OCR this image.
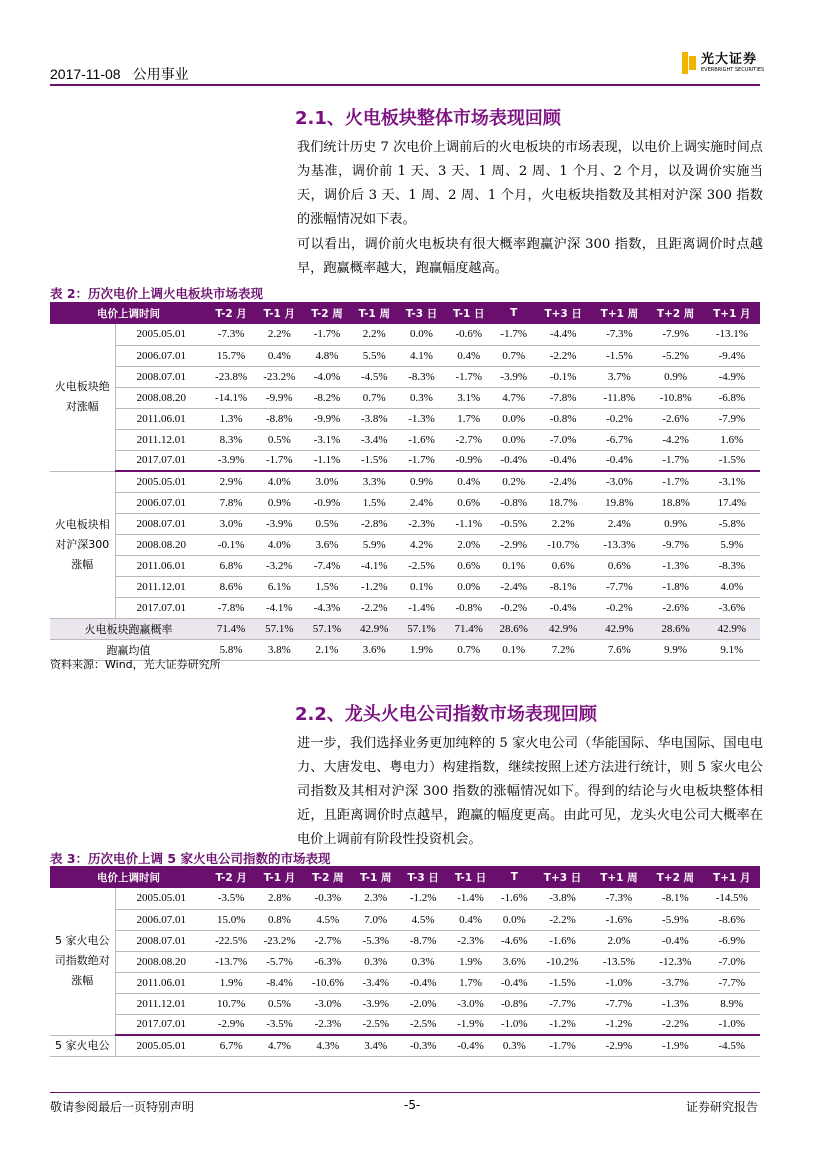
2017-11-08 公用事业
光大证券
EVERBRIGHT SECURITIES
2.1、火电板块整体市场表现回顾
我们统计历史 7 次电价上调前后的火电板块的市场表现，以电价上调实施时间点为基准，调价前 1 天、3 天、1 周、2 周、1 个月、2 个月，以及调价实施当天，调价后 3 天、1 周、2 周、1 个月，火电板块指数及其相对沪深 300 指数的涨幅情况如下表。
可以看出，调价前火电板块有很大概率跑赢沪深 300 指数，且距离调价时点越早，跑赢概率越大，跑赢幅度越高。
表 2：历次电价上调火电板块市场表现
电价上调时间		T-2 月	T-1 月	T-2 周	T-1 周	T-3 日	T-1 日	T	T+3 日	T+1 周	T+2 周	T+1 月
火电板块绝对涨幅	2005.05.01	-7.3%	2.2%	-1.7%	2.2%	0.0%	-0.6%	-1.7%	-4.4%	-7.3%	-7.9%	-13.1%
	2006.07.01	15.7%	0.4%	4.8%	5.5%	4.1%	0.4%	0.7%	-2.2%	-1.5%	-5.2%	-9.4%
	2008.07.01	-23.8%	-23.2%	-4.0%	-4.5%	-8.3%	-1.7%	-3.9%	-0.1%	3.7%	0.9%	-4.9%
	2008.08.20	-14.1%	-9.9%	-8.2%	0.7%	0.3%	3.1%	4.7%	-7.8%	-11.8%	-10.8%	-6.8%
	2011.06.01	1.3%	-8.8%	-9.9%	-3.8%	-1.3%	1.7%	0.0%	-0.8%	-0.2%	-2.6%	-7.9%
	2011.12.01	8.3%	0.5%	-3.1%	-3.4%	-1.6%	-2.7%	0.0%	-7.0%	-6.7%	-4.2%	1.6%
	2017.07.01	-3.9%	-1.7%	-1.1%	-1.5%	-1.7%	-0.9%	-0.4%	-0.4%	-0.4%	-1.7%	-1.5%
火电板块相对沪深300涨幅	2005.05.01	2.9%	4.0%	3.0%	3.3%	0.9%	0.4%	0.2%	-2.4%	-3.0%	-1.7%	-3.1%
	2006.07.01	7.8%	0.9%	-0.9%	1.5%	2.4%	0.6%	-0.8%	18.7%	19.8%	18.8%	17.4%
	2008.07.01	3.0%	-3.9%	0.5%	-2.8%	-2.3%	-1.1%	-0.5%	2.2%	2.4%	0.9%	-5.8%
	2008.08.20	-0.1%	4.0%	3.6%	5.9%	4.2%	2.0%	-2.9%	-10.7%	-13.3%	-9.7%	5.9%
	2011.06.01	6.8%	-3.2%	-7.4%	-4.1%	-2.5%	0.6%	0.1%	0.6%	0.6%	-1.3%	-8.3%
	2011.12.01	8.6%	6.1%	1.5%	-1.2%	0.1%	0.0%	-2.4%	-8.1%	-7.7%	-1.8%	4.0%
	2017.07.01	-7.8%	-4.1%	-4.3%	-2.2%	-1.4%	-0.8%	-0.2%	-0.4%	-0.2%	-2.6%	-3.6%
火电板块跑赢概率		71.4%	57.1%	57.1%	42.9%	57.1%	71.4%	28.6%	42.9%	42.9%	28.6%	42.9%
跑赢均值		5.8%	3.8%	2.1%	3.6%	1.9%	0.7%	0.1%	7.2%	7.6%	9.9%	9.1%
资料来源：Wind，光大证券研究所
2.2、龙头火电公司指数市场表现回顾
进一步，我们选择业务更加纯粹的 5 家火电公司（华能国际、华电国际、国电电力、大唐发电、粤电力）构建指数，继续按照上述方法进行统计，则 5 家火电公司指数及其相对沪深 300 指数的涨幅情况如下。得到的结论与火电板块整体相近，且距离调价时点越早，跑赢的幅度更高。由此可见，龙头火电公司大概率在电价上调前有阶段性投资机会。
表 3：历次电价上调 5 家火电公司指数的市场表现
电价上调时间		T-2 月	T-1 月	T-2 周	T-1 周	T-3 日	T-1 日	T	T+3 日	T+1 周	T+2 周	T+1 月
5 家火电公司指数绝对涨幅	2005.05.01	-3.5%	2.8%	-0.3%	2.3%	-1.2%	-1.4%	-1.6%	-3.8%	-7.3%	-8.1%	-14.5%
	2006.07.01	15.0%	0.8%	4.5%	7.0%	4.5%	0.4%	0.0%	-2.2%	-1.6%	-5.9%	-8.6%
	2008.07.01	-22.5%	-23.2%	-2.7%	-5.3%	-8.7%	-2.3%	-4.6%	-1.6%	2.0%	-0.4%	-6.9%
	2008.08.20	-13.7%	-5.7%	-6.3%	0.3%	0.3%	1.9%	3.6%	-10.2%	-13.5%	-12.3%	-7.0%
	2011.06.01	1.9%	-8.4%	-10.6%	-3.4%	-0.4%	1.7%	-0.4%	-1.5%	-1.0%	-3.7%	-7.7%
	2011.12.01	10.7%	0.5%	-3.0%	-3.9%	-2.0%	-3.0%	-0.8%	-7.7%	-7.7%	-1.3%	8.9%
	2017.07.01	-2.9%	-3.5%	-2.3%	-2.5%	-2.5%	-1.9%	-1.0%	-1.2%	-1.2%	-2.2%	-1.0%
5 家火电公	2005.05.01	6.7%	4.7%	4.3%	3.4%	-0.3%	-0.4%	0.3%	-1.7%	-2.9%	-1.9%	-4.5%
敬请参阅最后一页特别声明	-5-	证券研究报告
